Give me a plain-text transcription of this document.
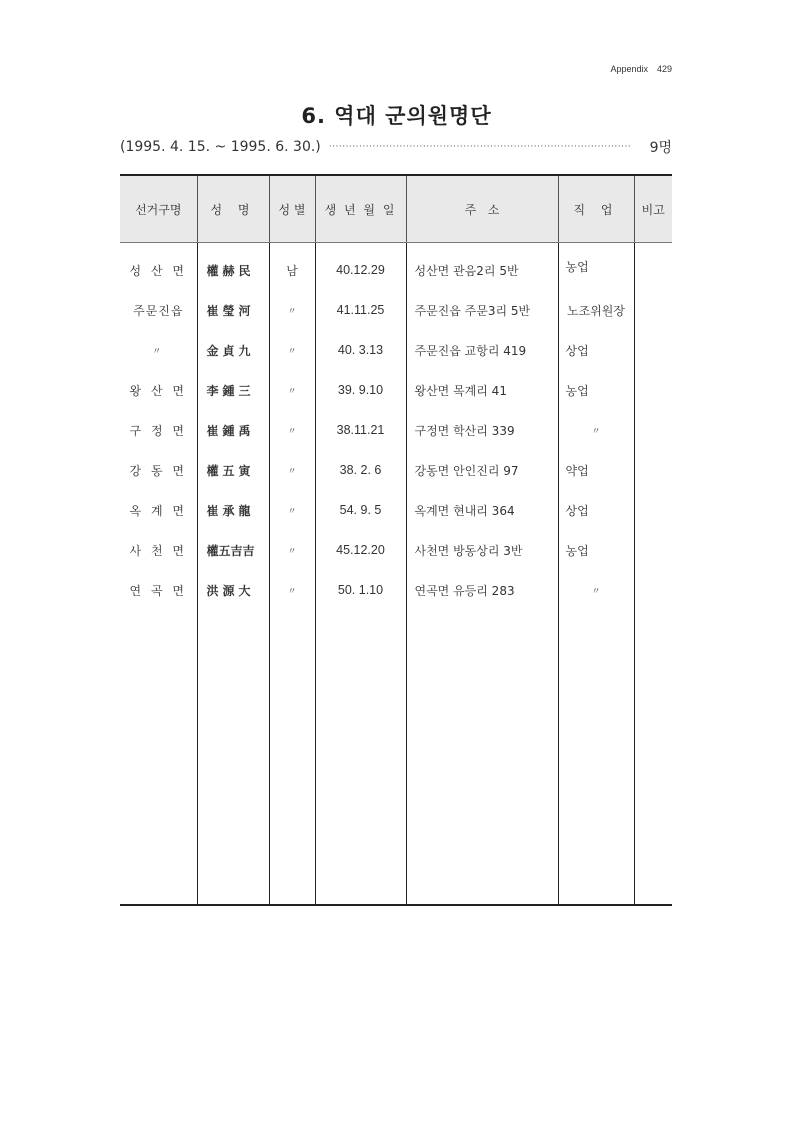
Appendix 429
6. 역대 군의원명단
(1995. 4. 15. ~ 1995. 6. 30.) ··························································································	9명
선거구명	성 명	성 별	생 년 월 일	주   소	직 업	비고
성 산 면	權赫民	남	40.12.29	성산면 관음2리 5반	농업	
주문진읍	崔瑩河	〃	41.11.25	주문진읍 주문3리 5반	노조위원장	
〃	金貞九	〃	40. 3.13	주문진읍 교항리 419	상업	
왕 산 면	李鍾三	〃	39. 9.10	왕산면 목계리 41	농업	
구 정 면	崔鍾禹	〃	38.11.21	구정면 학산리 339	〃	
강 동 면	權五寅	〃	38. 2. 6	강동면 안인진리 97	약업	
옥 계 면	崔承龍	〃	54. 9. 5	옥계면 현내리 364	상업	
사 천 면	權五吉吉	〃	45.12.20	사천면 방동상리 3반	농업	
연 곡 면	洪源大	〃	50. 1.10	연곡면 유등리 283	〃	
